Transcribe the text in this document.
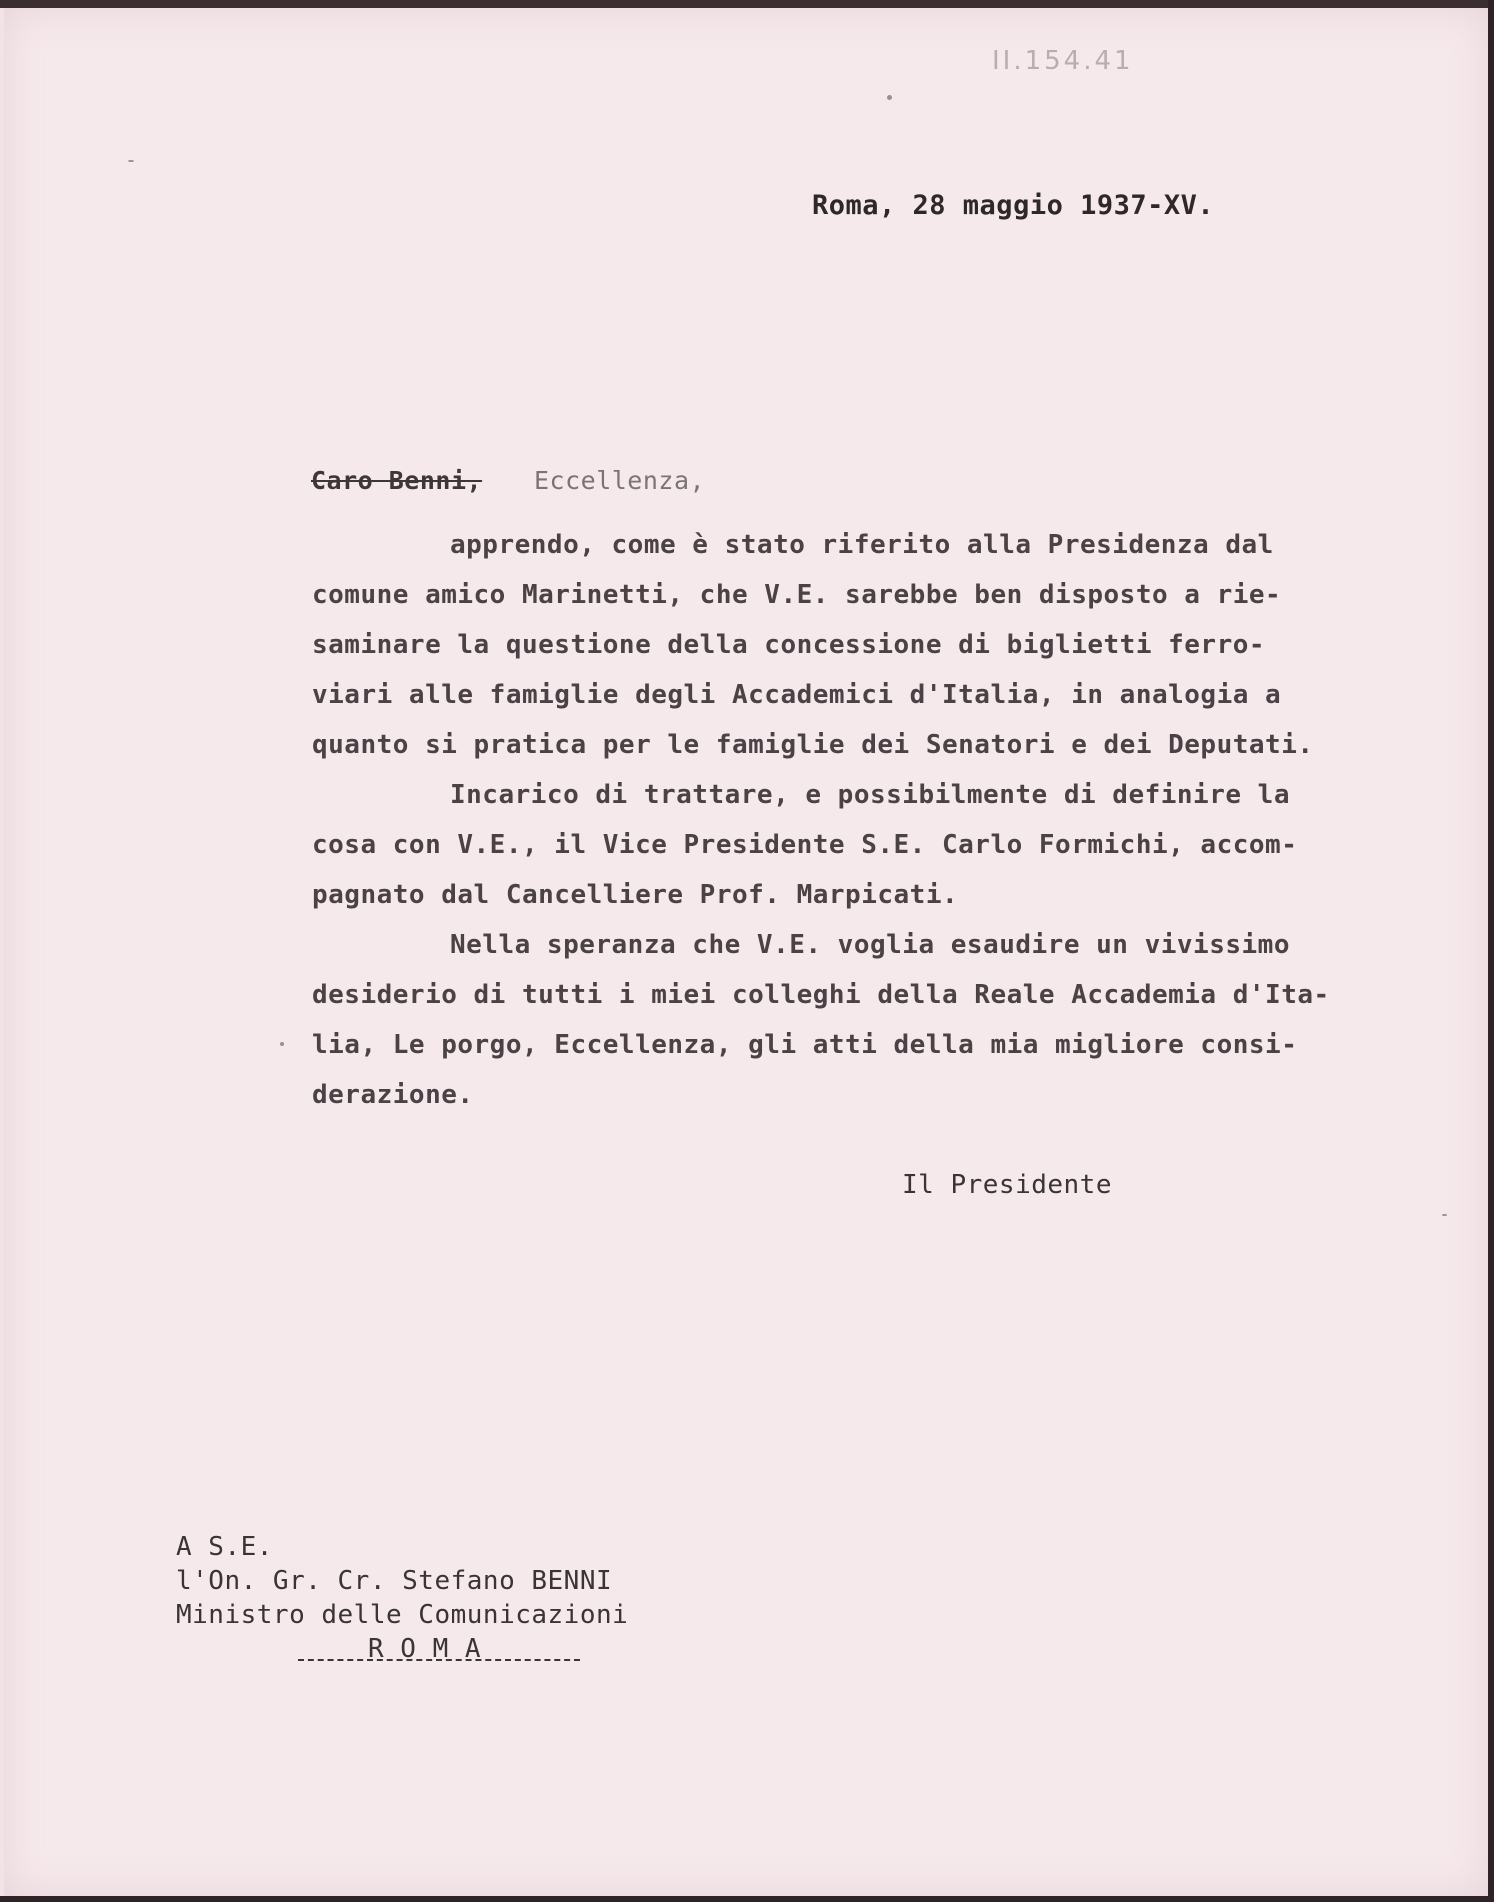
II.154.41
Roma, 28 maggio 1937-XV.
Caro Benni, Eccellenza,
apprendo, come è stato riferito alla Presidenza dal
comune amico Marinetti, che V.E. sarebbe ben disposto a rie-
saminare la questione della concessione di biglietti ferro-
viari alle famiglie degli Accademici d'Italia, in analogia a
quanto si pratica per le famiglie dei Senatori e dei Deputati.
Incarico di trattare, e possibilmente di definire la
cosa con V.E., il Vice Presidente S.E. Carlo Formichi, accom-
pagnato dal Cancelliere Prof. Marpicati.
Nella speranza che V.E. voglia esaudire un vivissimo
desiderio di tutti i miei colleghi della Reale Accademia d'Ita-
lia, Le porgo, Eccellenza, gli atti della mia migliore consi-
derazione.
Il Presidente
A S.E.
l'On. Gr. Cr. Stefano BENNI
Ministro delle Comunicazioni
R O M A
